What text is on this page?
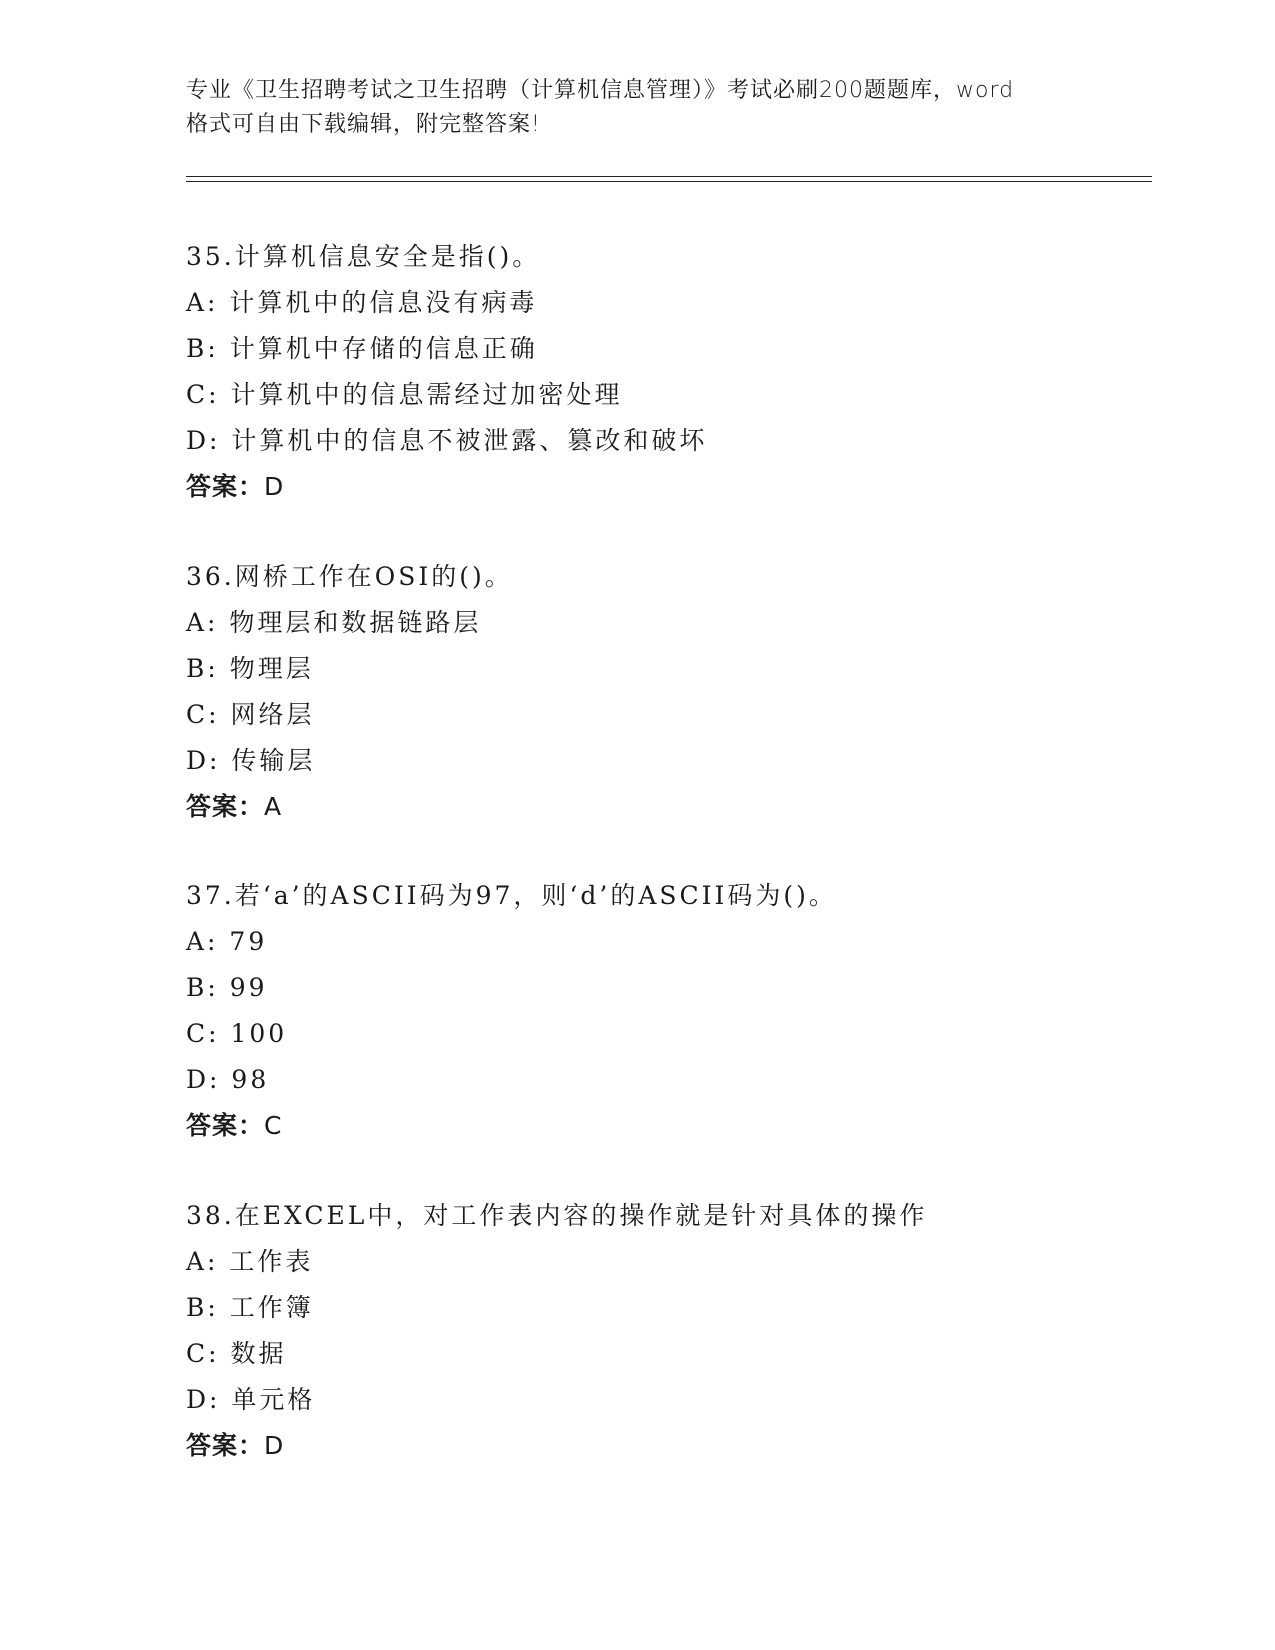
专业《卫生招聘考试之卫生招聘（计算机信息管理）》考试必刷200题题库，word
格式可自由下载编辑，附完整答案!
35.计算机信息安全是指()。
A: 计算机中的信息没有病毒
B: 计算机中存储的信息正确
C: 计算机中的信息需经过加密处理
D: 计算机中的信息不被泄露、篡改和破坏
答案：D
36.网桥工作在OSI的()。
A: 物理层和数据链路层
B: 物理层
C: 网络层
D: 传输层
答案：A
37.若‘a’的ASCII码为97，则‘d’的ASCII码为()。
A: 79
B: 99
C: 100
D: 98
答案：C
38.在EXCEL中，对工作表内容的操作就是针对具体的操作
A: 工作表
B: 工作簿
C: 数据
D: 单元格
答案：D
